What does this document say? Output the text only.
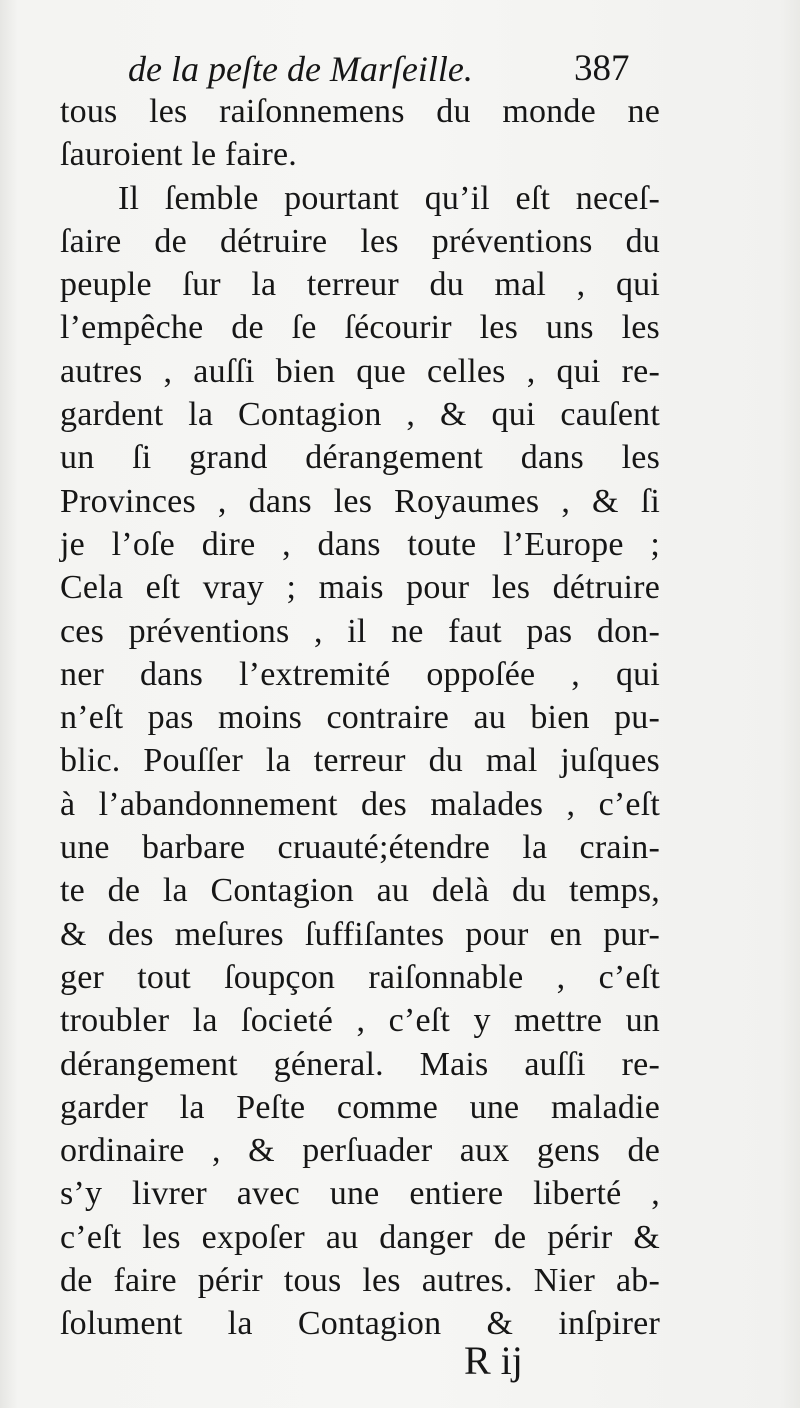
de la peſte de Marſeille.	387
tous les raiſonnemens du monde ne
ſauroient le faire.
Il ſemble pourtant qu’il eſt neceſ-
ſaire de détruire les préventions du
peuple ſur la terreur du mal , qui
l’empêche de ſe ſécourir les uns les
autres , auſſi bien que celles , qui re-
gardent la Contagion , & qui cauſent
un ſi grand dérangement dans les
Provinces , dans les Royaumes , & ſi
je l’oſe dire , dans toute l’Europe ;
Cela eſt vray ; mais pour les détruire
ces préventions , il ne faut pas don-
ner dans l’extremité oppoſée , qui
n’eſt pas moins contraire au bien pu-
blic. Pouſſer la terreur du mal juſques
à l’abandonnement des malades , c’eſt
une barbare cruauté;étendre la crain-
te de la Contagion au delà du temps,
& des meſures ſuffiſantes pour en pur-
ger tout ſoupçon raiſonnable , c’eſt
troubler la ſocieté , c’eſt y mettre un
dérangement géneral. Mais auſſi re-
garder la Peſte comme une maladie
ordinaire , & perſuader aux gens de
s’y livrer avec une entiere liberté ,
c’eſt les expoſer au danger de périr &
de faire périr tous les autres. Nier ab-
ſolument la Contagion & inſpirer
R ij
